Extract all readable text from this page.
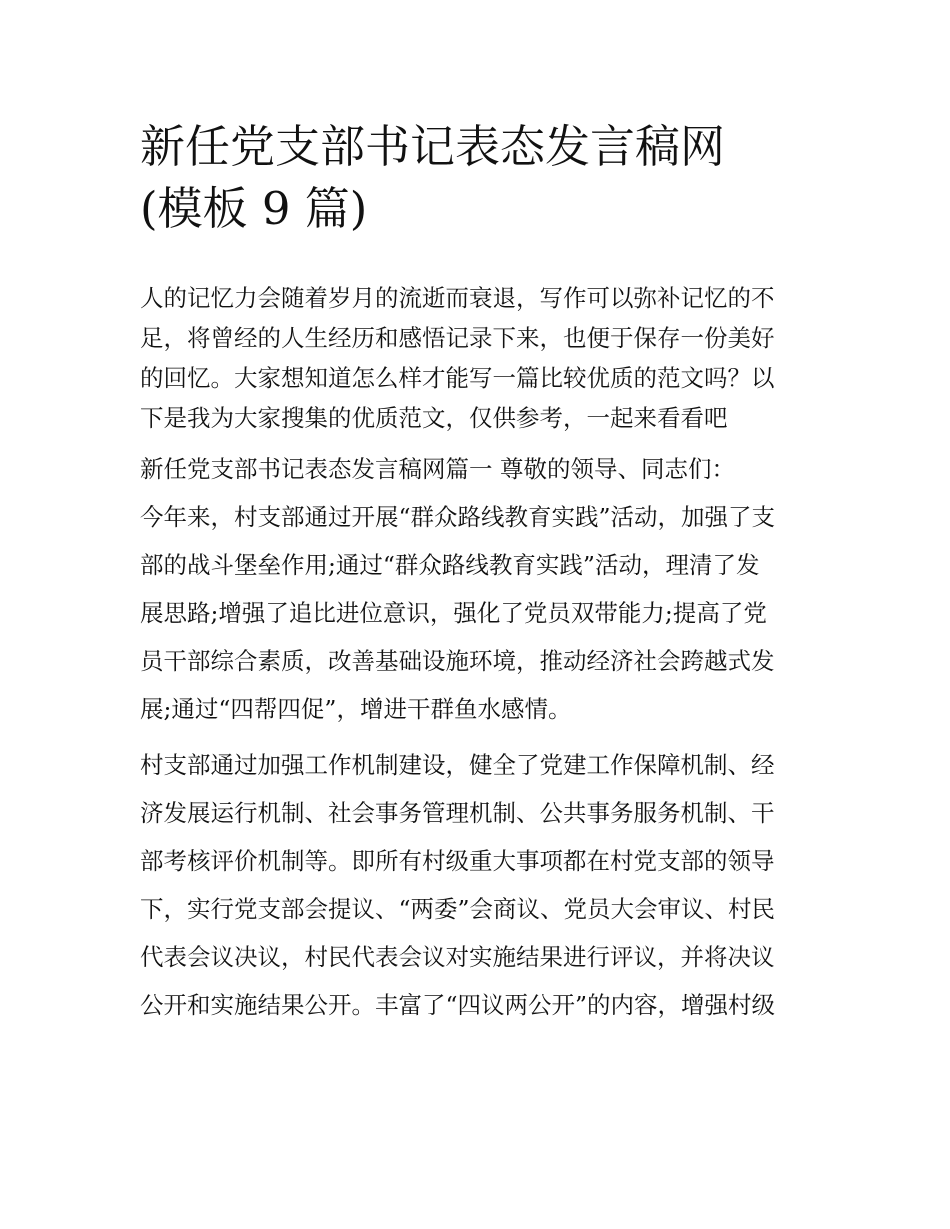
新任党支部书记表态发言稿网
(模板 9 篇)

人的记忆力会随着岁月的流逝而衰退，写作可以弥补记忆的不
足，将曾经的人生经历和感悟记录下来，也便于保存一份美好
的回忆。大家想知道怎么样才能写一篇比较优质的范文吗？以
下是我为大家搜集的优质范文，仅供参考，一起来看看吧

新任党支部书记表态发言稿网篇一 尊敬的领导、同志们：

今年来，村支部通过开展“群众路线教育实践”活动，加强了支
部的战斗堡垒作用;通过“群众路线教育实践”活动，理清了发
展思路;增强了追比进位意识，强化了党员双带能力;提高了党
员干部综合素质，改善基础设施环境，推动经济社会跨越式发
展;通过“四帮四促”，增进干群鱼水感情。

村支部通过加强工作机制建设，健全了党建工作保障机制、经
济发展运行机制、社会事务管理机制、公共事务服务机制、干
部考核评价机制等。即所有村级重大事项都在村党支部的领导
下，实行党支部会提议、“两委”会商议、党员大会审议、村民
代表会议决议，村民代表会议对实施结果进行评议，并将决议
公开和实施结果公开。丰富了“四议两公开”的内容，增强村级
